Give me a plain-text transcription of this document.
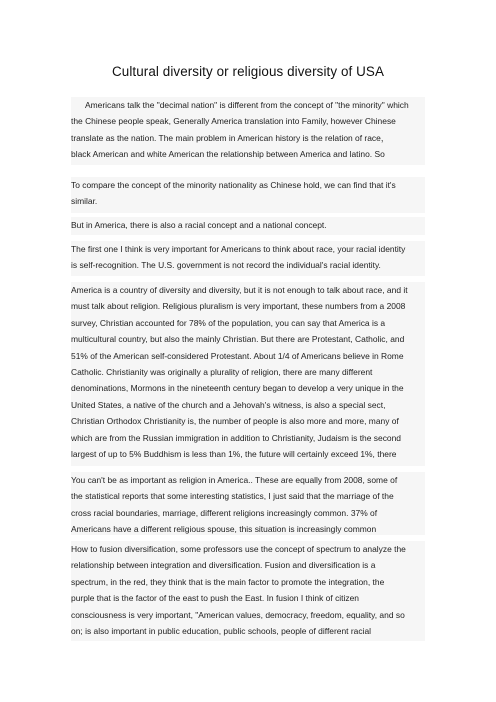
Cultural diversity or religious diversity of USA
Americans talk the "decimal nation" is different from the concept of "the minority" which
the Chinese people speak, Generally America translation into Family, however Chinese
translate as the nation. The main problem in American history is the relation of race，
black American and white American the relationship between America and latino. So
To compare the concept of the minority nationality as Chinese hold, we can find that it's
similar.
But in America, there is also a racial concept and a national concept.
The first one I think is very important for Americans to think about race, your racial identity
is self-recognition. The U.S. government is not record the individual's racial identity.
America is a country of diversity and diversity, but it is not enough to talk about race, and it
must talk about religion. Religious pluralism is very important, these numbers from a 2008
survey, Christian accounted for 78% of the population, you can say that America is a
multicultural country, but also the mainly Christian. But there are Protestant, Catholic, and
51% of the American self-considered Protestant. About 1/4 of Americans believe in Rome
Catholic. Christianity was originally a plurality of religion, there are many different
denominations, Mormons in the nineteenth century began to develop a very unique in the
United States, a native of the church and a Jehovah's witness, is also a special sect,
Christian Orthodox Christianity is, the number of people is also more and more, many of
which are from the Russian immigration in addition to Christianity, Judaism is the second
largest of up to 5% Buddhism is less than 1%, the future will certainly exceed 1%, there
You can't be as important as religion in America.. These are equally from 2008, some of
the statistical reports that some interesting statistics, I just said that the marriage of the
cross racial boundaries, marriage, different religions increasingly common. 37% of
Americans have a different religious spouse, this situation is increasingly common
How to fusion diversification, some professors use the concept of spectrum to analyze the
relationship between integration and diversification. Fusion and diversification is a
spectrum, in the red, they think that is the main factor to promote the integration, the
purple that is the factor of the east to push the East. In fusion I think of citizen
consciousness is very important, "American values, democracy, freedom, equality, and so
on; is also important in public education, public schools, people of different racial
